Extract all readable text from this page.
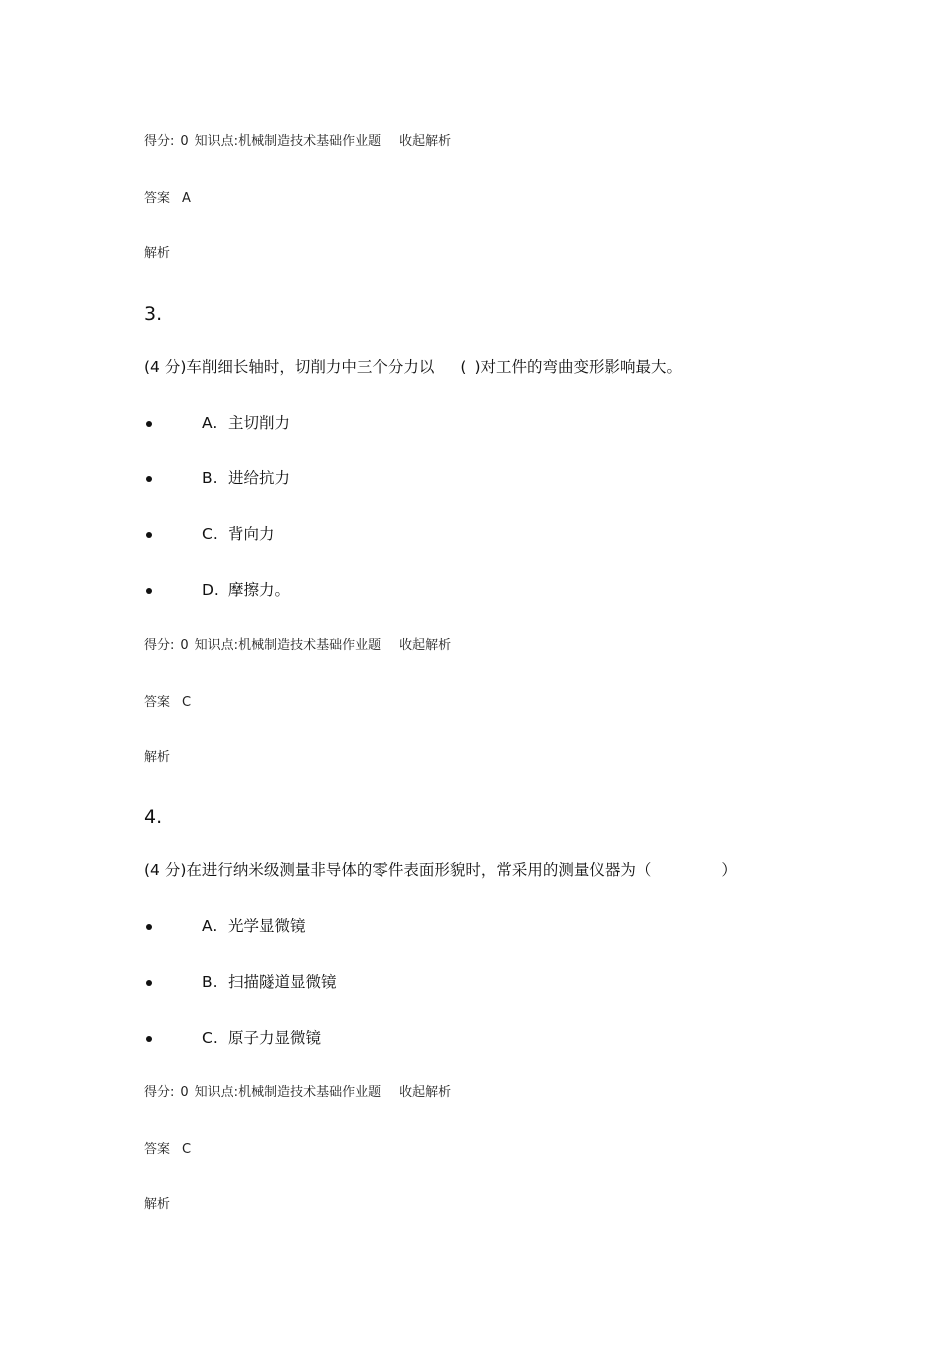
得分: 0 知识点:机械制造技术基础作业题 收起解析
答案 A
解析
3.
(4 分)车削细长轴时，切削力中三个分力以 ( )对工件的弯曲变形影响最大。
A. 主切削力
B. 进给抗力
C. 背向力
D. 摩擦力。
得分: 0 知识点:机械制造技术基础作业题 收起解析
答案 C
解析
4.
(4 分)在进行纳米级测量非导体的零件表面形貌时，常采用的测量仪器为（	）
A. 光学显微镜
B. 扫描隧道显微镜
C. 原子力显微镜
得分: 0 知识点:机械制造技术基础作业题 收起解析
答案 C
解析
